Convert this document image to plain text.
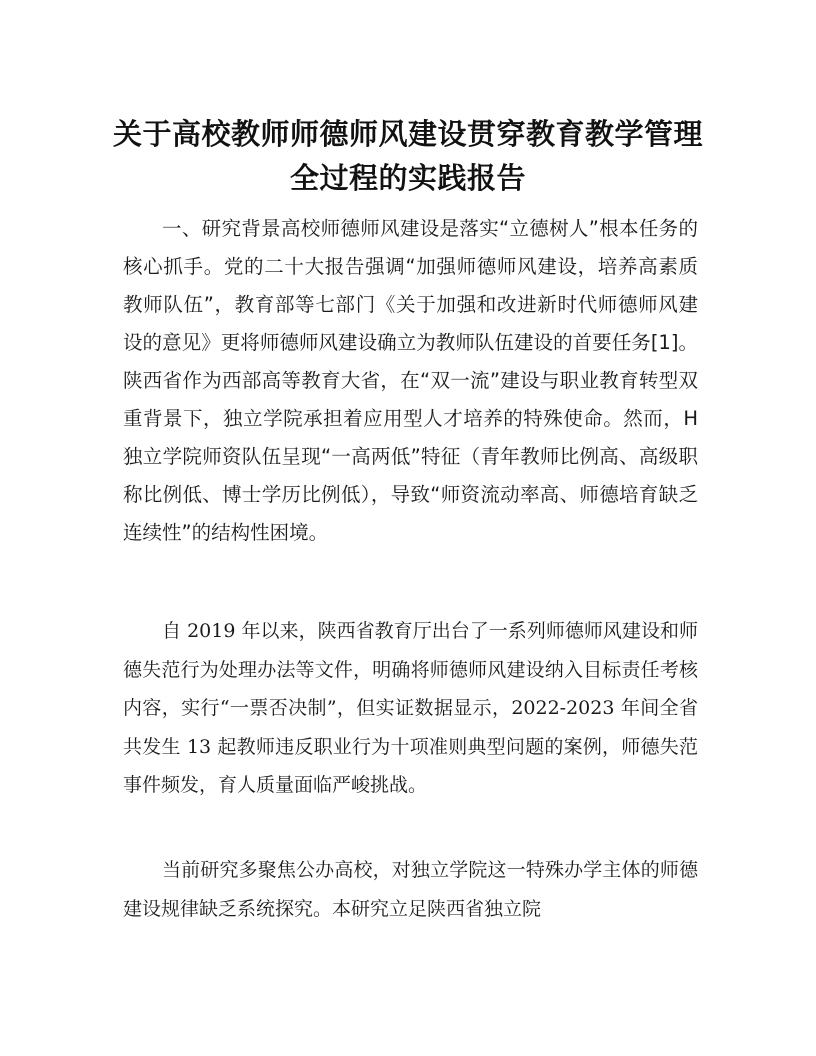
关于高校教师师德师风建设贯穿教育教学管理全过程的实践报告

一、研究背景高校师德师风建设是落实“立德树人”根本任务的核心抓手。党的二十大报告强调“加强师德师风建设，培养高素质教师队伍”，教育部等七部门《关于加强和改进新时代师德师风建设的意见》更将师德师风建设确立为教师队伍建设的首要任务[1]。陕西省作为西部高等教育大省，在“双一流”建设与职业教育转型双重背景下，独立学院承担着应用型人才培养的特殊使命。然而，H 独立学院师资队伍呈现“一高两低”特征（青年教师比例高、高级职称比例低、博士学历比例低），导致“师资流动率高、师德培育缺乏连续性”的结构性困境。

自 2019 年以来，陕西省教育厅出台了一系列师德师风建设和师德失范行为处理办法等文件，明确将师德师风建设纳入目标责任考核内容，实行“一票否决制”，但实证数据显示，2022-2023 年间全省共发生 13 起教师违反职业行为十项准则典型问题的案例，师德失范事件频发，育人质量面临严峻挑战。

当前研究多聚焦公办高校，对独立学院这一特殊办学主体的师德建设规律缺乏系统探究。本研究立足陕西省独立院
